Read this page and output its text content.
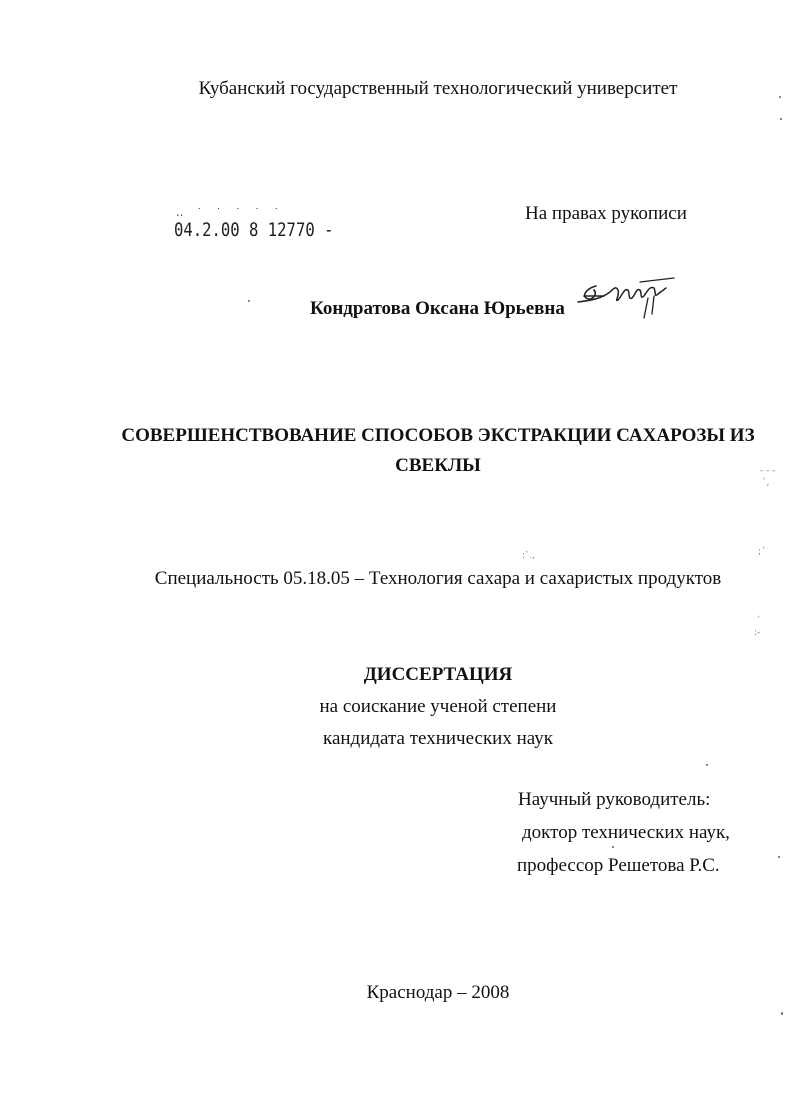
Кубанский государственный технологический университет
‥ ˙ ˙ ˙ ˙ ˙
04.2.00 8 12770 -
На правах рукописи
Кондратова Оксана Юрьевна
СОВЕРШЕНСТВОВАНИЕ СПОСОБОВ ЭКСТРАКЦИИ САХАРОЗЫ ИЗ
СВЕКЛЫ
Специальность 05.18.05 – Технология сахара и сахаристых продуктов
ДИССЕРТАЦИЯ
на соискание ученой степени
кандидата технических наук
Научный руководитель:
доктор технических наук,
профессор Решетова Р.С.
Краснодар – 2008
- - -
ˋ,
:ˋ.,	;ˊ
ˊ
:-
